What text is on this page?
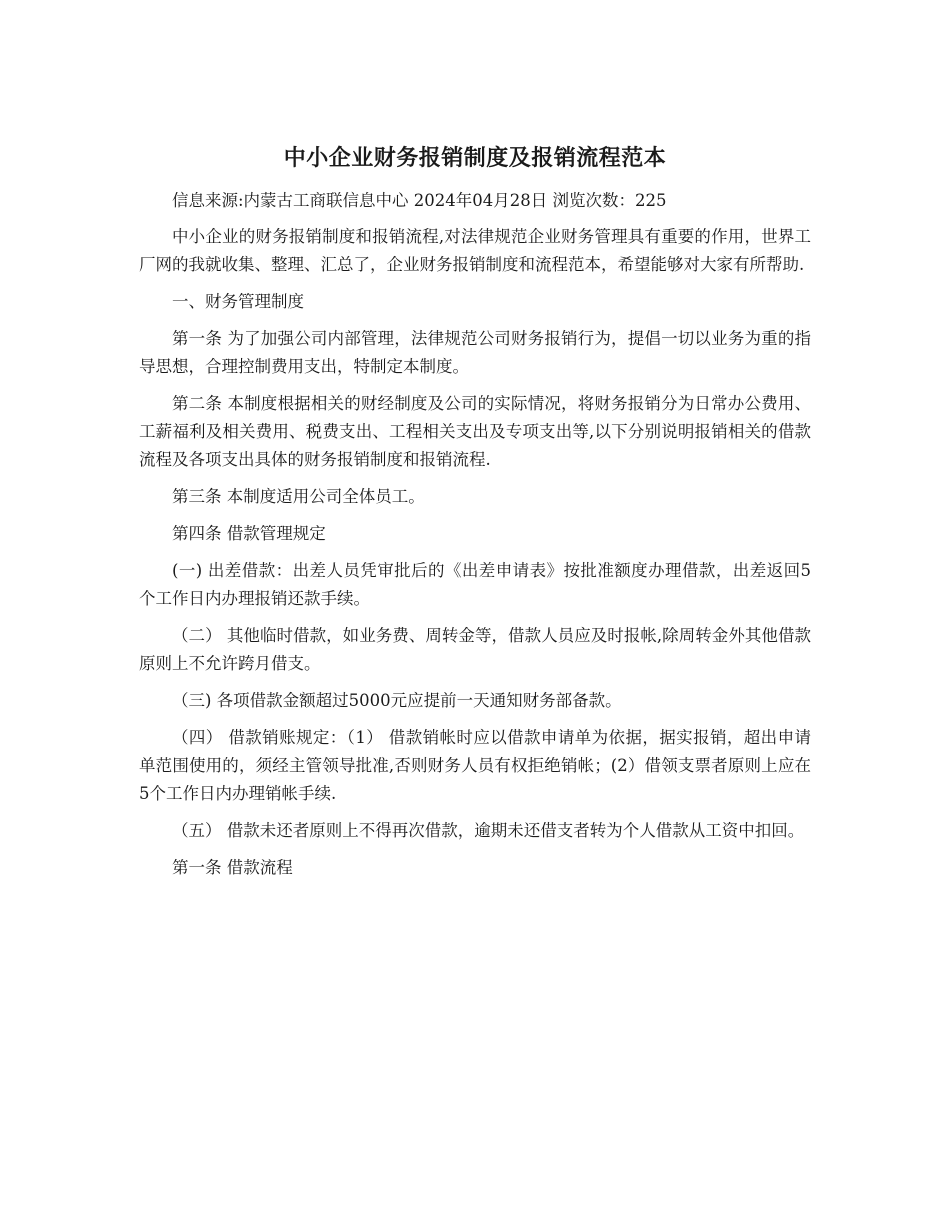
中小企业财务报销制度及报销流程范本

信息来源:内蒙古工商联信息中心 2024年04月28日 浏览次数：225

中小企业的财务报销制度和报销流程,对法律规范企业财务管理具有重要的作用，世界工厂网的我就收集、整理、汇总了，企业财务报销制度和流程范本，希望能够对大家有所帮助.

一、财务管理制度

第一条 为了加强公司内部管理，法律规范公司财务报销行为，提倡一切以业务为重的指导思想，合理控制费用支出，特制定本制度。

第二条 本制度根据相关的财经制度及公司的实际情况，将财务报销分为日常办公费用、工薪福利及相关费用、税费支出、工程相关支出及专项支出等,以下分别说明报销相关的借款流程及各项支出具体的财务报销制度和报销流程.

第三条 本制度适用公司全体员工。

第四条 借款管理规定

(一) 出差借款：出差人员凭审批后的《出差申请表》按批准额度办理借款，出差返回5个工作日内办理报销还款手续。

（二） 其他临时借款，如业务费、周转金等，借款人员应及时报帐,除周转金外其他借款原则上不允许跨月借支。

（三) 各项借款金额超过5000元应提前一天通知财务部备款。

（四） 借款销账规定：（1） 借款销帐时应以借款申请单为依据，据实报销，超出申请单范围使用的，须经主管领导批准,否则财务人员有权拒绝销帐；(2）借领支票者原则上应在5个工作日内办理销帐手续.

（五） 借款未还者原则上不得再次借款，逾期未还借支者转为个人借款从工资中扣回。

第一条 借款流程
